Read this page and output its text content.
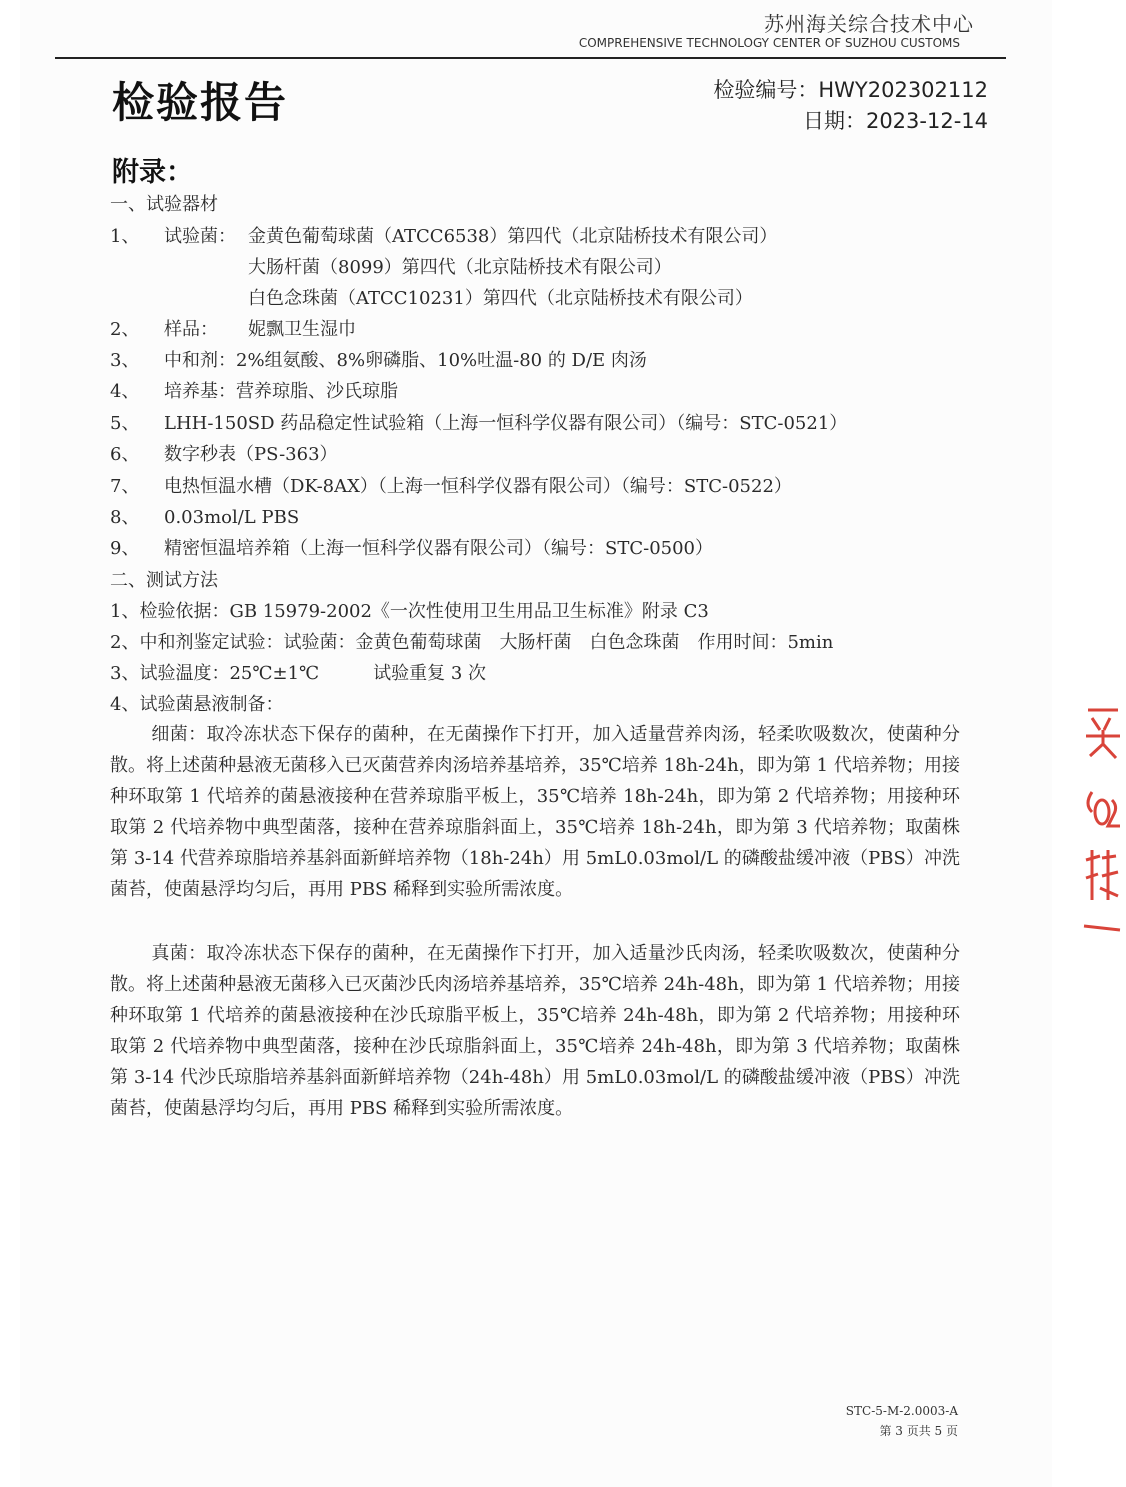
苏州海关综合技术中心
COMPREHENSIVE TECHNOLOGY CENTER OF SUZHOU CUSTOMS
检验报告	检验编号：HWY202302112
日期：2023-12-14
附录：
一、试验器材
1、 试验菌： 金黄色葡萄球菌（ATCC6538）第四代（北京陆桥技术有限公司）
大肠杆菌（8099）第四代（北京陆桥技术有限公司）
白色念珠菌（ATCC10231）第四代（北京陆桥技术有限公司）
2、 样品： 妮飘卫生湿巾
3、 中和剂：2%组氨酸、8%卵磷脂、10%吐温-80 的 D/E 肉汤
4、 培养基：营养琼脂、沙氏琼脂
5、 LHH-150SD 药品稳定性试验箱（上海一恒科学仪器有限公司）（编号：STC-0521）
6、 数字秒表（PS-363）
7、 电热恒温水槽（DK-8AX）（上海一恒科学仪器有限公司）（编号：STC-0522）
8、 0.03mol/L PBS
9、 精密恒温培养箱（上海一恒科学仪器有限公司）（编号：STC-0500）
二、测试方法
1、检验依据：GB 15979-2002《一次性使用卫生用品卫生标准》附录 C3
2、中和剂鉴定试验：试验菌：金黄色葡萄球菌　大肠杆菌　白色念珠菌　作用时间：5min
3、试验温度：25℃±1℃　　　试验重复 3 次
4、试验菌悬液制备：
细菌：取冷冻状态下保存的菌种，在无菌操作下打开，加入适量营养肉汤，轻柔吹吸数次，使菌种分散。将上述菌种悬液无菌移入已灭菌营养肉汤培养基培养，35℃培养 18h-24h，即为第 1 代培养物；用接种环取第 1 代培养的菌悬液接种在营养琼脂平板上，35℃培养 18h-24h，即为第 2 代培养物；用接种环取第 2 代培养物中典型菌落，接种在营养琼脂斜面上，35℃培养 18h-24h，即为第 3 代培养物；取菌株第 3-14 代营养琼脂培养基斜面新鲜培养物（18h-24h）用 5mL0.03mol/L 的磷酸盐缓冲液（PBS）冲洗菌苔，使菌悬浮均匀后，再用 PBS 稀释到实验所需浓度。
真菌：取冷冻状态下保存的菌种，在无菌操作下打开，加入适量沙氏肉汤，轻柔吹吸数次，使菌种分散。将上述菌种悬液无菌移入已灭菌沙氏肉汤培养基培养，35℃培养 24h-48h，即为第 1 代培养物；用接种环取第 1 代培养的菌悬液接种在沙氏琼脂平板上，35℃培养 24h-48h，即为第 2 代培养物；用接种环取第 2 代培养物中典型菌落，接种在沙氏琼脂斜面上，35℃培养 24h-48h，即为第 3 代培养物；取菌株第 3-14 代沙氏琼脂培养基斜面新鲜培养物（24h-48h）用 5mL0.03mol/L 的磷酸盐缓冲液（PBS）冲洗菌苔，使菌悬浮均匀后，再用 PBS 稀释到实验所需浓度。
STC-5-M-2.0003-A
第 3 页共 5 页
